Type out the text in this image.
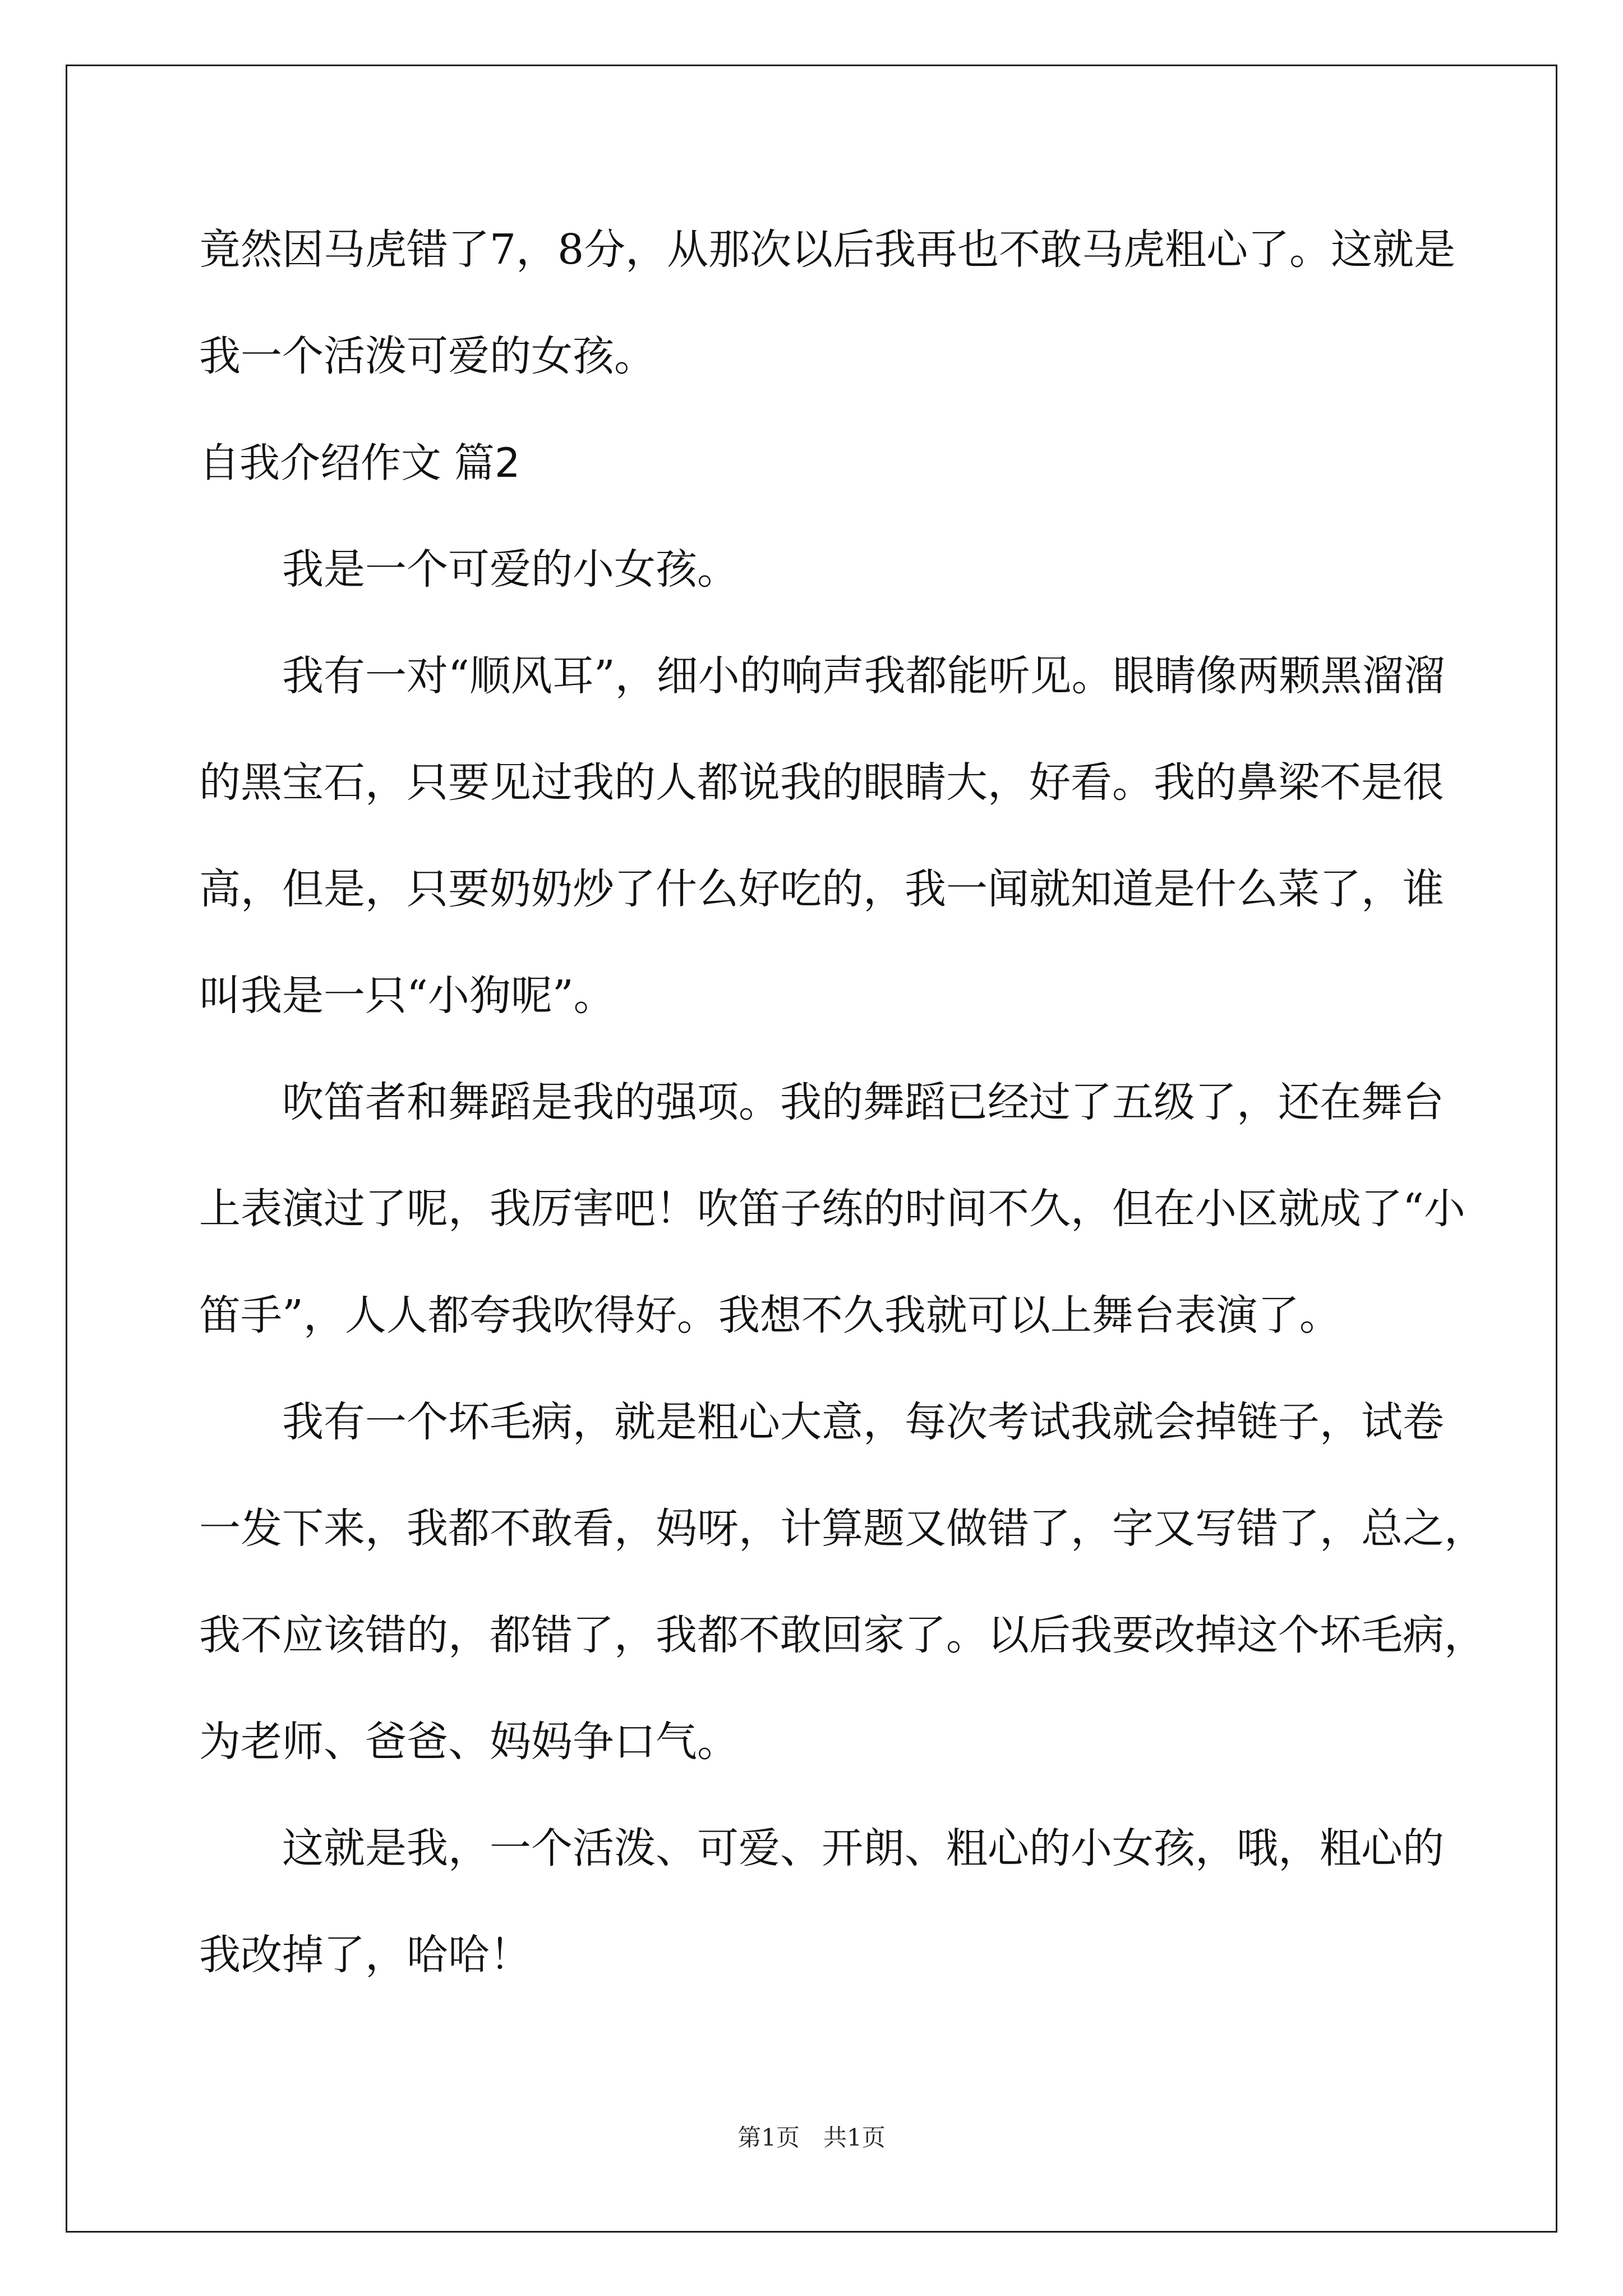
竟然因马虎错了7，8分，从那次以后我再也不敢马虎粗心了。这就是
我一个活泼可爱的女孩。
自我介绍作文 篇2
我是一个可爱的小女孩。
我有一对“顺风耳”，细小的响声我都能听见。眼睛像两颗黑溜溜
的黑宝石，只要见过我的人都说我的眼睛大，好看。我的鼻梁不是很
高，但是，只要奶奶炒了什么好吃的，我一闻就知道是什么菜了，谁
叫我是一只“小狗呢”。
吹笛者和舞蹈是我的强项。我的舞蹈已经过了五级了，还在舞台
上表演过了呢，我厉害吧！吹笛子练的时间不久，但在小区就成了“小
笛手”，人人都夸我吹得好。我想不久我就可以上舞台表演了。
我有一个坏毛病，就是粗心大意，每次考试我就会掉链子，试卷
一发下来，我都不敢看，妈呀，计算题又做错了，字又写错了，总之，
我不应该错的，都错了，我都不敢回家了。以后我要改掉这个坏毛病，
为老师、爸爸、妈妈争口气。
这就是我，一个活泼、可爱、开朗、粗心的小女孩，哦，粗心的
我改掉了，哈哈！
第1页　共1页
